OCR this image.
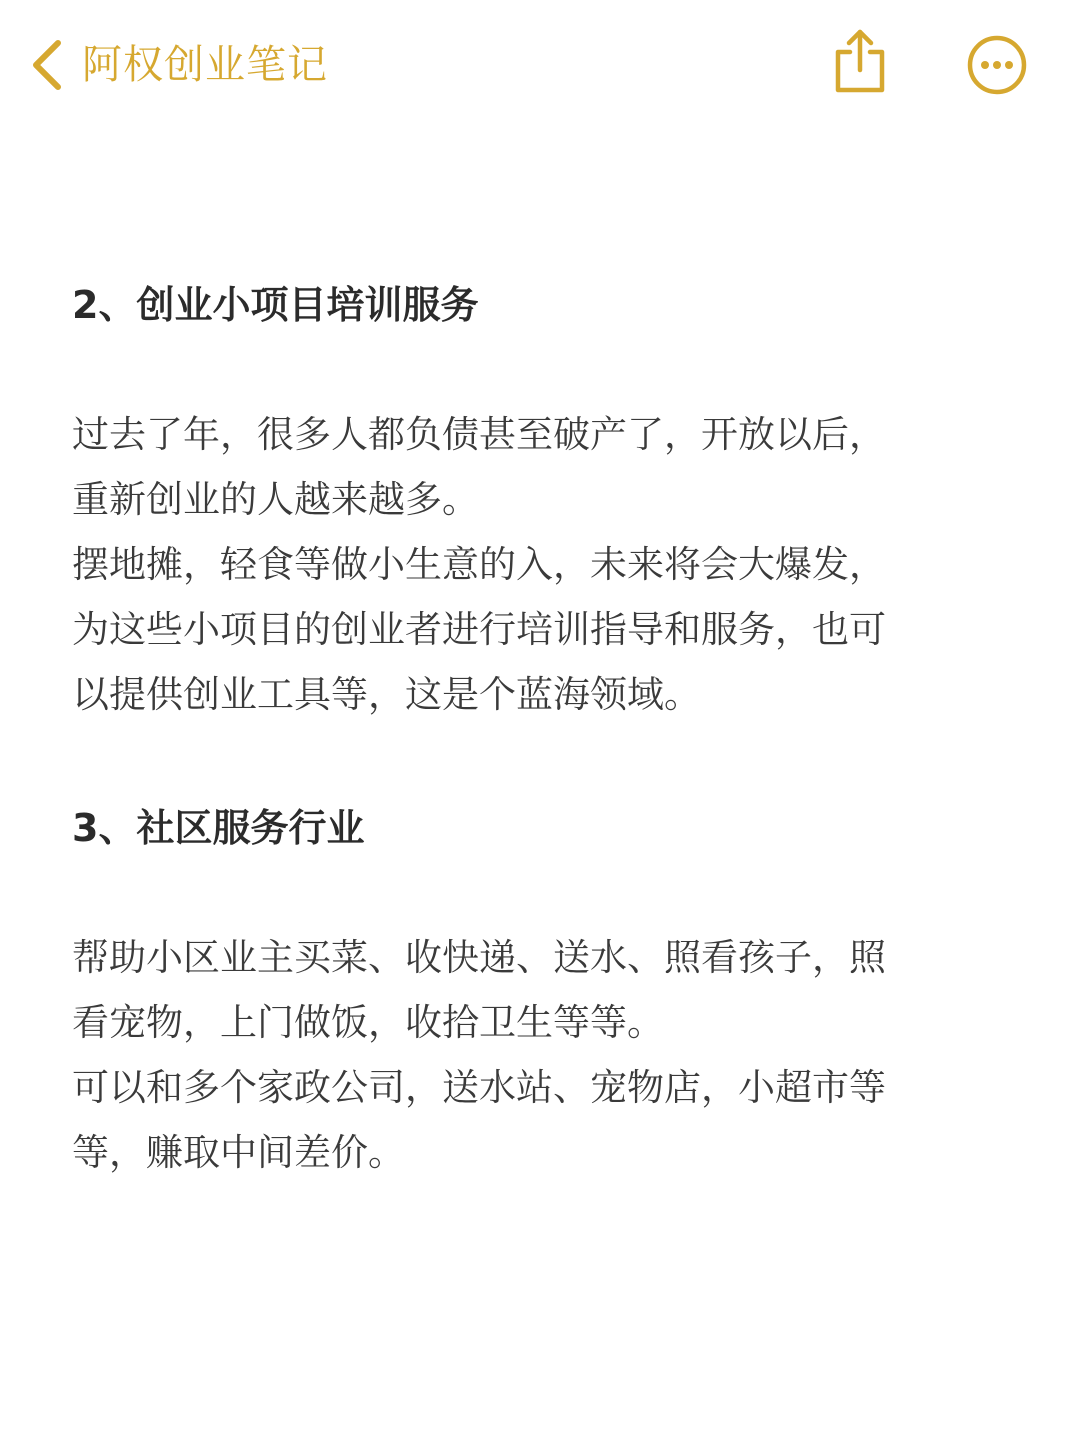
阿权创业笔记

2、创业小项目培训服务

过去了年，很多人都负债甚至破产了，开放以后，

重新创业的人越来越多。

摆地摊，轻食等做小生意的入，未来将会大爆发，

为这些小项目的创业者进行培训指导和服务，也可

以提供创业工具等，这是个蓝海领域。

3、社区服务行业

帮助小区业主买菜、收快递、送水、照看孩子，照

看宠物，上门做饭，收拾卫生等等。

可以和多个家政公司，送水站、宠物店，小超市等

等，赚取中间差价。
